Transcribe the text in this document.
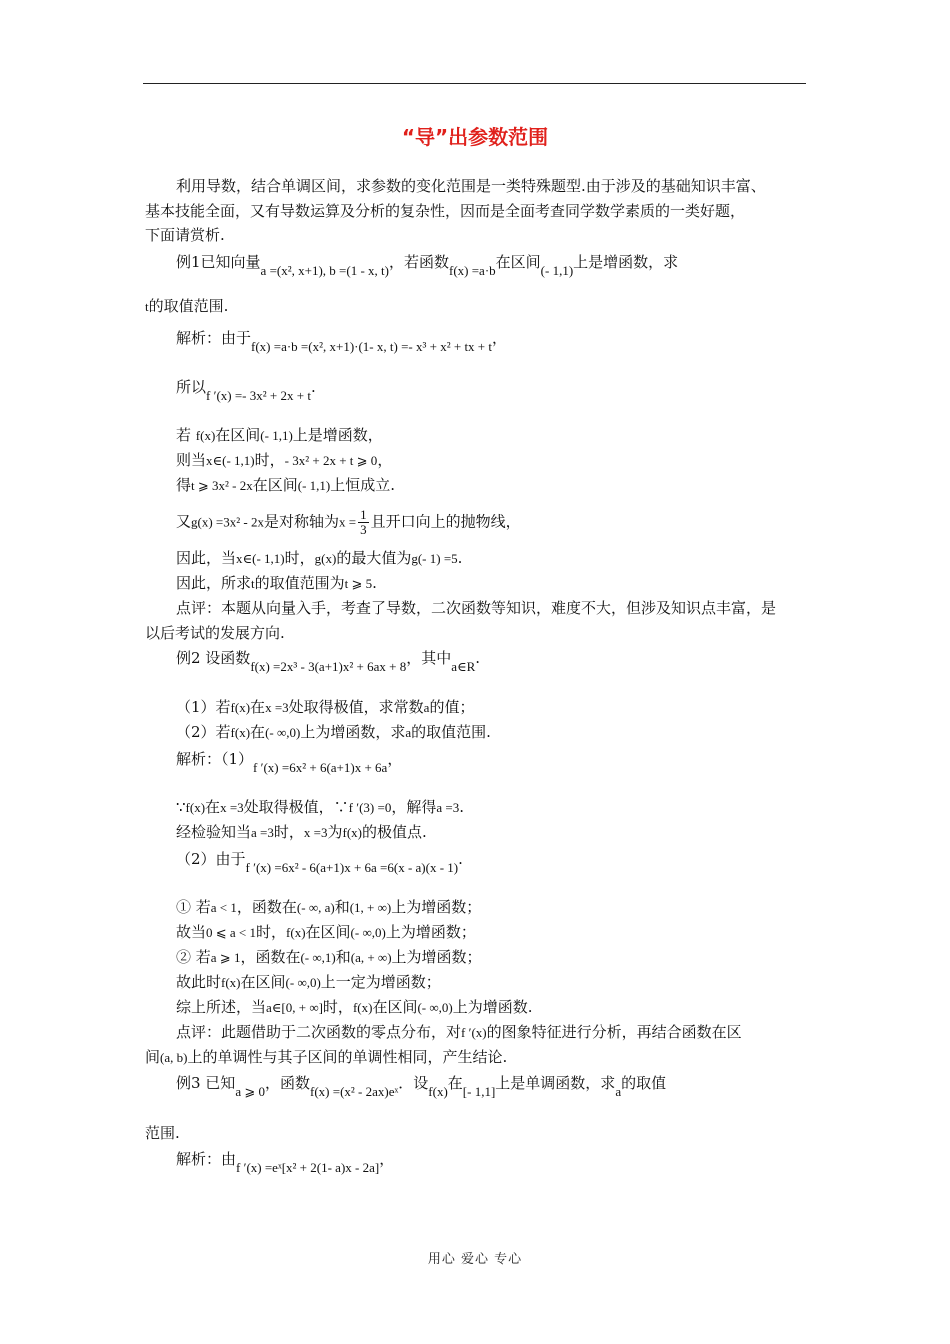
“导”出参数范围
利用导数，结合单调区间，求参数的变化范围是一类特殊题型.由于涉及的基础知识丰富、
基本技能全面，又有导数运算及分析的复杂性，因而是全面考查同学数学素质的一类好题，
下面请赏析.
例1已知向量a =(x², x+1), b =(1 - x, t)，若函数f(x) =a·b在区间(- 1,1)上是增函数，求
t的取值范围.
解析：由于f(x) =a·b =(x², x+1)·(1- x, t) =- x³ + x² + tx + t，
所以f ′(x) =- 3x² + 2x + t.
若 f(x)在区间(- 1,1)上是增函数，
则当x∈(- 1,1)时，- 3x² + 2x + t ⩾ 0，
得t ⩾ 3x² - 2x在区间(- 1,1)上恒成立.
又g(x) =3x² - 2x是对称轴为$x = \frac{1}{3}$ 且开口向上的抛物线，
因此，当x∈(- 1,1)时，g(x)的最大值为g(- 1) =5.
因此，所求t的取值范围为t ⩾ 5.
点评：本题从向量入手，考查了导数，二次函数等知识，难度不大，但涉及知识点丰富，是
以后考试的发展方向.
例2 设函数f(x) =2x³ - 3(a+1)x² + 6ax + 8，其中a∈R.
（1）若f(x)在x =3处取得极值，求常数a的值；
（2）若f(x)在(- ∞,0)上为增函数，求a的取值范围.
解析：（1）f ′(x) =6x² + 6(a+1)x + 6a，
∵f(x)在x =3处取得极值，∵f ′(3) =0，解得a =3.
经检验知当a =3时，x =3为f(x)的极值点.
（2）由于f ′(x) =6x² - 6(a+1)x + 6a =6(x - a)(x - 1).
① 若a < 1，函数在(- ∞, a)和(1, + ∞)上为增函数；
故当0 ⩽ a < 1时，f(x)在区间(- ∞,0)上为增函数；
② 若a ⩾ 1，函数在(- ∞,1)和(a, + ∞)上为增函数；
故此时f(x)在区间(- ∞,0)上一定为增函数；
综上所述，当a∈[0, + ∞]时，f(x)在区间(- ∞,0)上为增函数.
点评：此题借助于二次函数的零点分布，对f ′(x)的图象特征进行分析，再结合函数在区
间(a, b)上的单调性与其子区间的单调性相同，产生结论.
例3 已知a ⩾ 0，函数f(x) =(x² - 2ax)eˣ．设f(x)在[- 1,1]上是单调函数，求a的取值
范围.
解析：由f ′(x) =eˣ[x² + 2(1- a)x - 2a]，
用心 爱心 专心
